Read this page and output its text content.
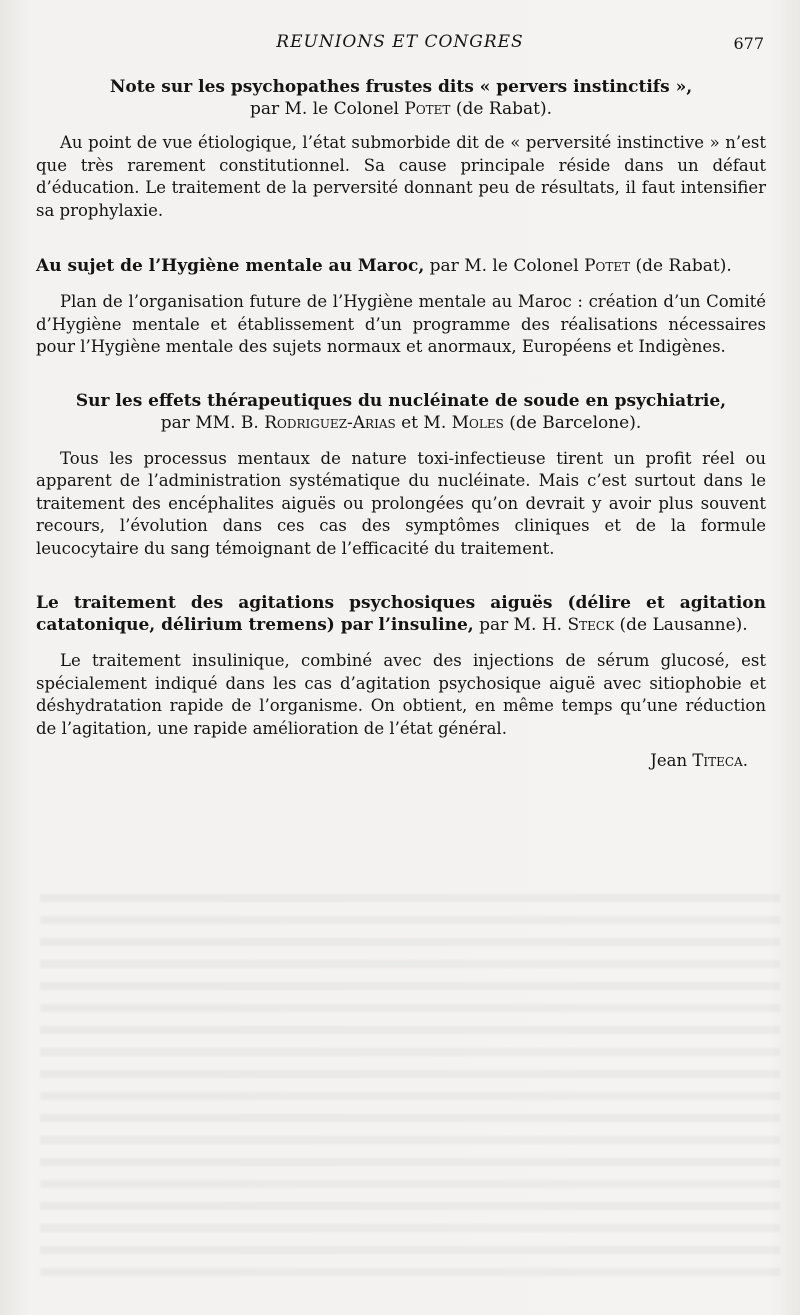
REUNIONS ET CONGRES	677

Note sur les psychopathes frustes dits « pervers instinctifs »,

par M. le Colonel Potet (de Rabat).

Au point de vue étiologique, l’état submorbide dit de « perversité instinctive » n’est que très rarement constitutionnel. Sa cause principale réside dans un défaut d’éducation. Le traitement de la perversité donnant peu de résultats, il faut intensifier sa prophylaxie.

Au sujet de l’Hygiène mentale au Maroc, par M. le Colonel Potet (de Rabat).

Plan de l’organisation future de l’Hygiène mentale au Maroc : création d’un Comité d’Hygiène mentale et établissement d’un programme des réalisations nécessaires pour l’Hygiène mentale des sujets normaux et anormaux, Européens et Indigènes.

Sur les effets thérapeutiques du nucléinate de soude en psychiatrie,

par MM. B. Rodriguez-Arias et M. Moles (de Barcelone).

Tous les processus mentaux de nature toxi-infectieuse tirent un profit réel ou apparent de l’administration systématique du nucléinate. Mais c’est surtout dans le traitement des encéphalites aiguës ou prolongées qu’on devrait y avoir plus souvent recours, l’évolution dans ces cas des symptômes cliniques et de la formule leucocytaire du sang témoignant de l’efficacité du traitement.

Le traitement des agitations psychosiques aiguës (délire et agitation catatonique, délirium tremens) par l’insuline, par M. H. Steck (de Lausanne).

Le traitement insulinique, combiné avec des injections de sérum glucosé, est spécialement indiqué dans les cas d’agitation psychosique aiguë avec sitiophobie et déshydratation rapide de l’organisme. On obtient, en même temps qu’une réduction de l’agitation, une rapide amélioration de l’état général.

Jean Titeca.
